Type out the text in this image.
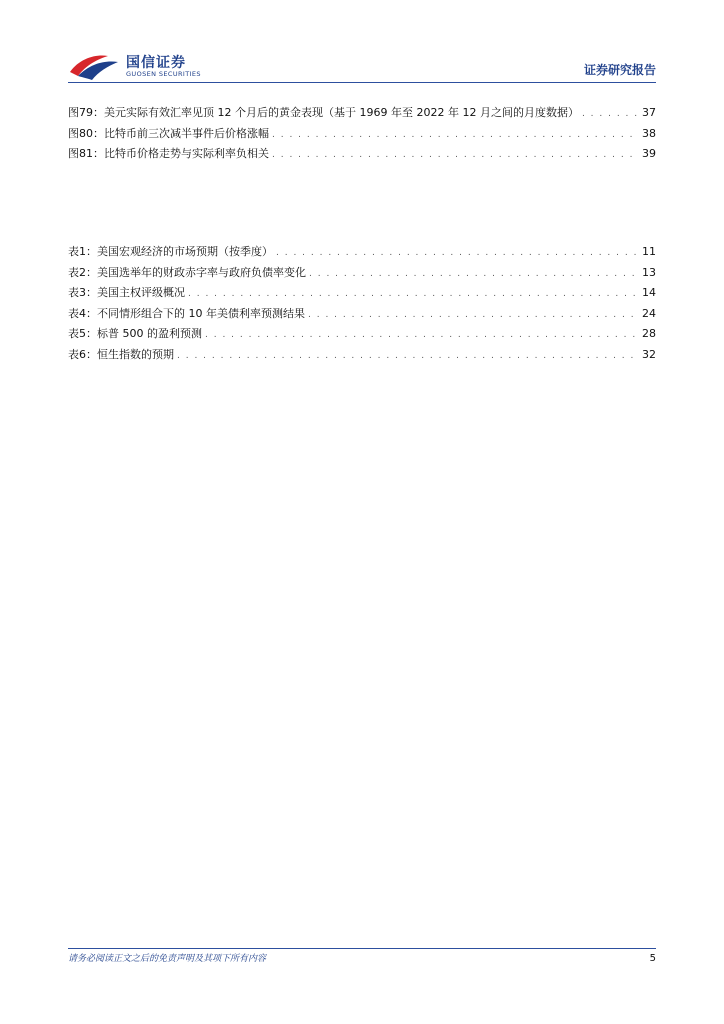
国信证券
GUOSEN SECURITIES	证券研究报告
图79： 美元实际有效汇率见顶 12 个月后的黄金表现（基于 1969 年至 2022 年 12 月之间的月度数据） . . .	37
图80： 比特币前三次减半事件后价格涨幅 . . .	38
图81： 比特币价格走势与实际利率负相关 . . .	39
表1： 美国宏观经济的市场预期（按季度） . . .	11
表2： 美国选举年的财政赤字率与政府负债率变化 . . .	13
表3： 美国主权评级概况 . . .	14
表4： 不同情形组合下的 10 年美债利率预测结果 . . .	24
表5： 标普 500 的盈利预测 . . .	28
表6： 恒生指数的预期 . . .	32
请务必阅读正文之后的免责声明及其项下所有内容	5
